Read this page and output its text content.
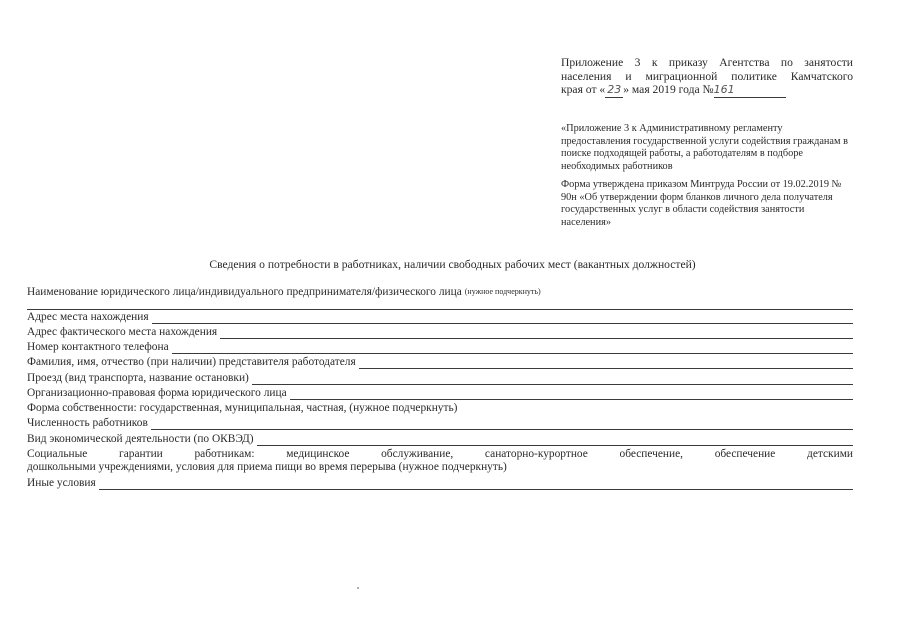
Приложение 3 к приказу Агентства по занятости
населения и миграционной политике Камчатского
края от « 23 » мая 2019 года №161
«Приложение 3 к Административному регламенту предоставления государственной услуги содействия гражданам в поиске подходящей работы, а работодателям в подборе необходимых работников
Форма утверждена приказом Минтруда России от 19.02.2019 № 90н «Об утверждении форм бланков личного дела получателя государственных услуг в области содействия занятости населения»
Сведения о потребности в работниках, наличии свободных рабочих мест (вакантных должностей)
Наименование юридического лица/индивидуального предпринимателя/физического лица (нужное подчеркнуть)
Адрес места нахождения
Адрес фактического места нахождения
Номер контактного телефона
Фамилия, имя, отчество (при наличии) представителя работодателя
Проезд (вид транспорта, название остановки)
Организационно-правовая форма юридического лица
Форма собственности: государственная, муниципальная, частная, (нужное подчеркнуть)
Численность работников
Вид экономической деятельности (по ОКВЭД)
Социальные гарантии работникам: медицинское обслуживание, санаторно-курортное обеспечение, обеспечение детскими
дошкольными учреждениями, условия для приема пищи во время перерыва (нужное подчеркнуть)
Иные условия
